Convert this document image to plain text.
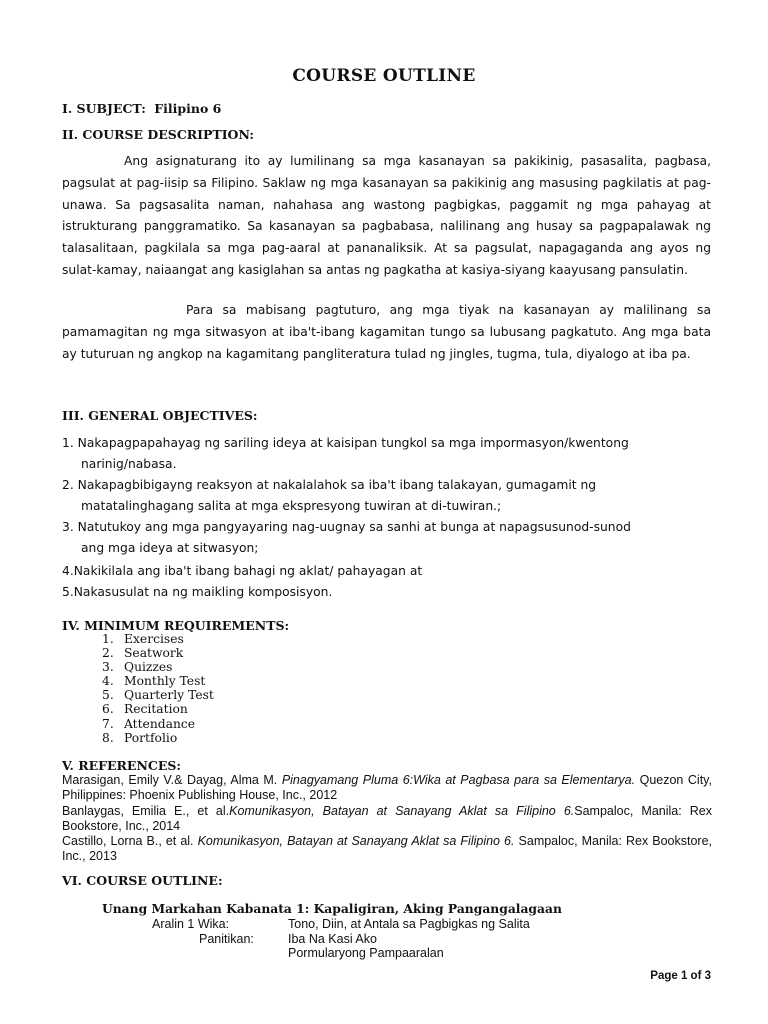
COURSE OUTLINE
I. SUBJECT: Filipino 6
II. COURSE DESCRIPTION:
Ang asignaturang ito ay lumilinang sa mga kasanayan sa pakikinig, pasasalita, pagbasa, pagsulat at pag-iisip sa Filipino. Saklaw ng mga kasanayan sa pakikinig ang masusing pagkilatis at pag-unawa. Sa pagsasalita naman, nahahasa ang wastong pagbigkas, paggamit ng mga pahayag at istrukturang panggramatiko. Sa kasanayan sa pagbabasa, nalilinang ang husay sa pagpapalawak ng talasalitaan, pagkilala sa mga pag-aaral at pananaliksik. At sa pagsulat, napagaganda ang ayos ng sulat-kamay, naiaangat ang kasiglahan sa antas ng pagkatha at kasiya-siyang kaayusang pansulatin.
Para sa mabisang pagtuturo, ang mga tiyak na kasanayan ay malilinang sa pamamagitan ng mga sitwasyon at iba't-ibang kagamitan tungo sa lubusang pagkatuto. Ang mga bata ay tuturuan ng angkop na kagamitang pangliteratura tulad ng jingles, tugma, tula, diyalogo at iba pa.
III. GENERAL OBJECTIVES:
1. Nakapagpapahayag ng sariling ideya at kaisipan tungkol sa mga impormasyon/kwentong
narinig/nabasa.
2. Nakapagbibigayng reaksyon at nakalalahok sa iba't ibang talakayan, gumagamit ng
matatalinghagang salita at mga ekspresyong tuwiran at di-tuwiran.;
3. Natutukoy ang mga pangyayaring nag-uugnay sa sanhi at bunga at napagsusunod-sunod
ang mga ideya at sitwasyon;
4.Nakikilala ang iba't ibang bahagi ng aklat/ pahayagan at
5.Nakasusulat na ng maikling komposisyon.
IV. MINIMUM REQUIREMENTS:
1. Exercises
2. Seatwork
3. Quizzes
4. Monthly Test
5. Quarterly Test
6. Recitation
7. Attendance
8. Portfolio
V. REFERENCES:

Marasigan, Emily V.& Dayag, Alma M. Pinagyamang Pluma 6:Wika at Pagbasa para sa Elementarya. Quezon City, Philippines: Phoenix Publishing House, Inc., 2012

Banlaygas, Emilia E., et al.Komunikasyon, Batayan at Sanayang Aklat sa Filipino 6.Sampaloc, Manila: Rex Bookstore, Inc., 2014

Castillo, Lorna B., et al. Komunikasyon, Batayan at Sanayang Aklat sa Filipino 6. Sampaloc, Manila: Rex Bookstore, Inc., 2013

VI. COURSE OUTLINE:
Unang Markahan Kabanata 1: Kapaligiran, Aking Pangangalagaan
Aralin 1 Wika:	Tono, Diin, at Antala sa Pagbigkas ng Salita
Panitikan:	Iba Na Kasi Ako
Pormularyong Pampaaralan
Page 1 of 3
